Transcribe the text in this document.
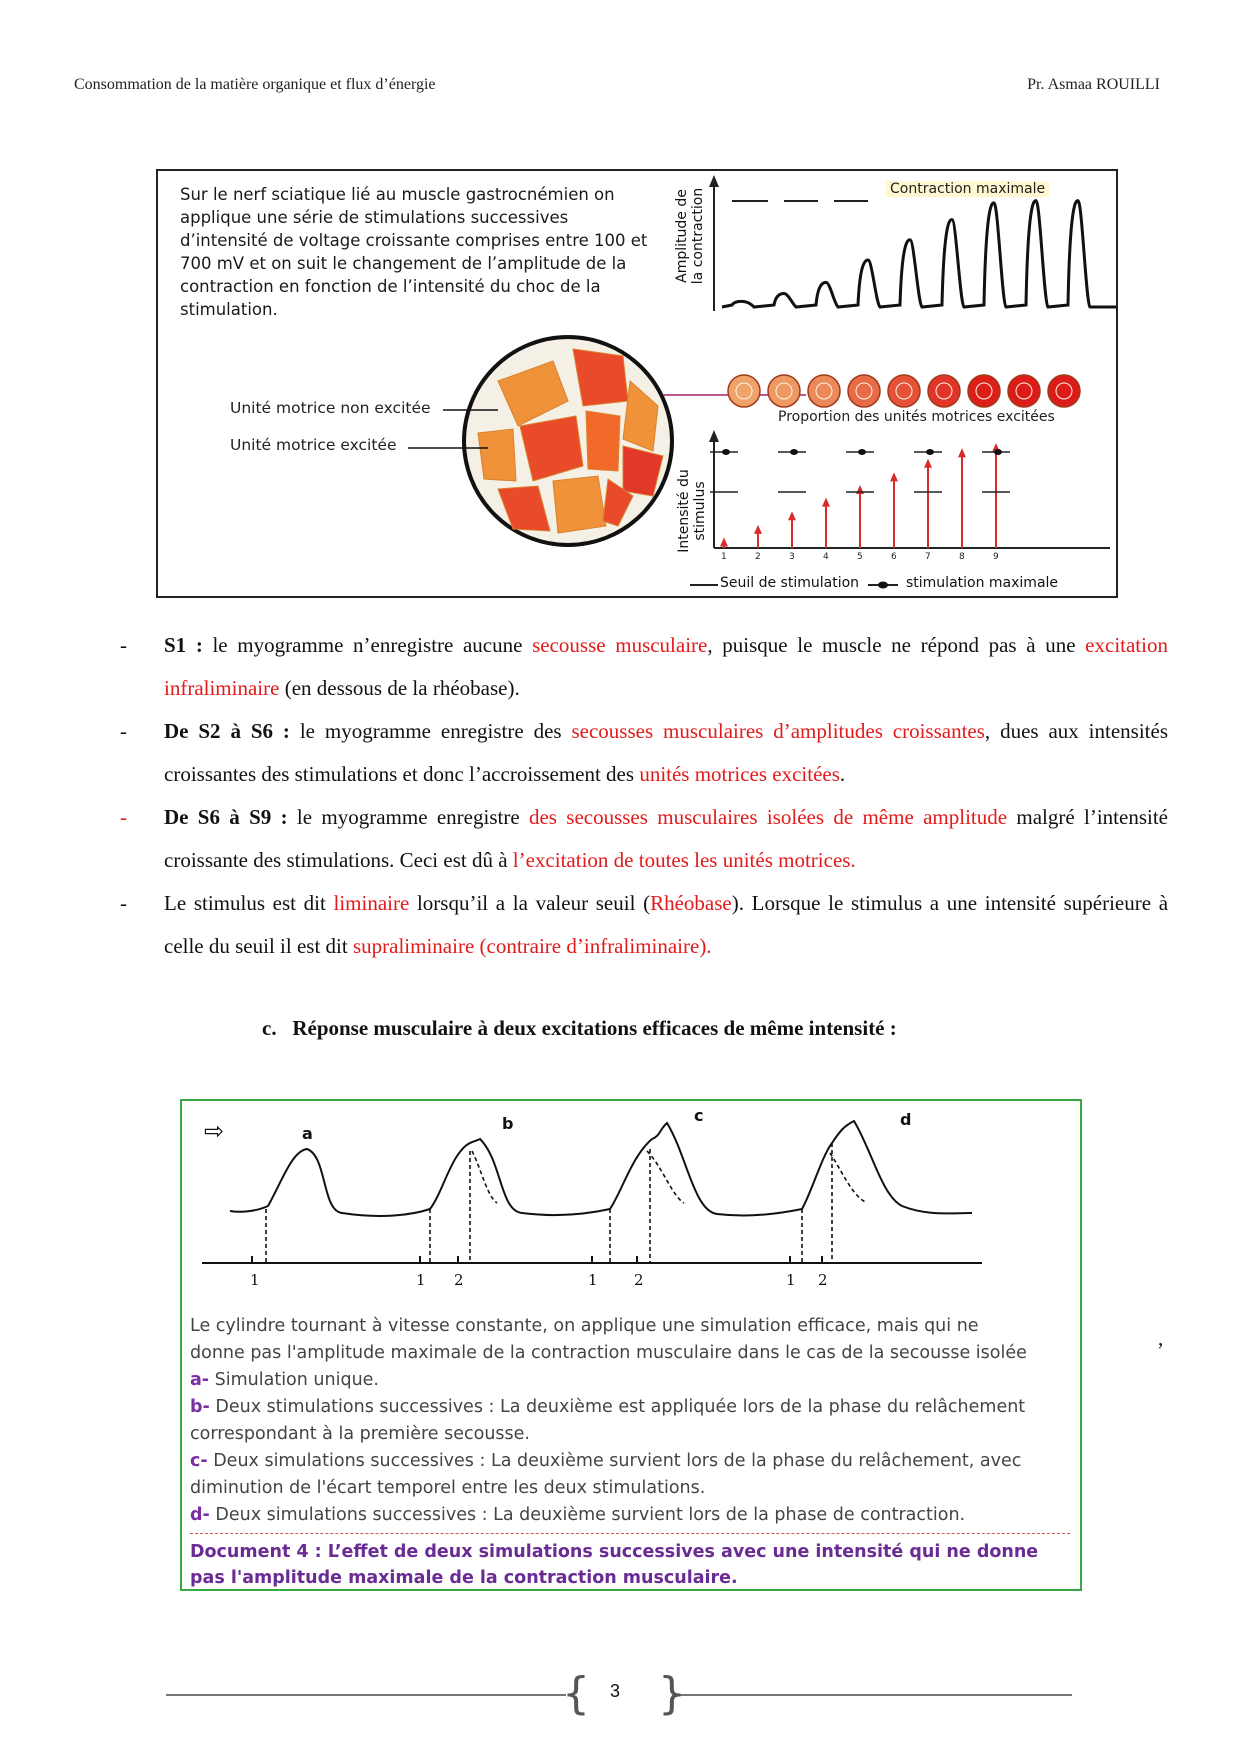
Consommation de la matière organique et flux d’énergie	Pr. Asmaa ROUILLI
Sur le nerf sciatique lié au muscle gastrocnémien on applique une série de stimulations successives d’intensité de voltage croissante comprises entre 100 et 700 mV et on suit le changement de l’amplitude de la contraction en fonction de l’intensité du choc de la stimulation.
Unité motrice non excitée
Unité motrice excitée
Contraction maximale
Amplitude de la contraction
Proportion des unités motrices excitées
1	2	3	4	5	6	7	8	9
Intensité du stimulus
Seuil de stimulation	stimulation maximale
-	S1 : le myogramme n’enregistre aucune secousse musculaire, puisque le muscle ne répond pas à une excitation infraliminaire (en dessous de la rhéobase).
-	De S2 à S6 : le myogramme enregistre des secousses musculaires d’amplitudes croissantes, dues aux intensités croissantes des stimulations et donc l’accroissement des unités motrices excitées.
-	De S6 à S9 : le myogramme enregistre des secousses musculaires isolées de même amplitude malgré l’intensité croissante des stimulations. Ceci est dû à l’excitation de toutes les unités motrices.
-	Le stimulus est dit liminaire lorsqu’il a la valeur seuil (Rhéobase). Lorsque le stimulus a une intensité supérieure à celle du seuil il est dit supraliminaire (contraire d’infraliminaire).
c. Réponse musculaire à deux excitations efficaces de même intensité :
⇨	a
b	c	d
1	1 2	1 2	1 2
Le cylindre tournant à vitesse constante, on applique une simulation efficace, mais qui ne
donne pas l'amplitude maximale de la contraction musculaire dans le cas de la secousse isolée
a- Simulation unique.
b- Deux stimulations successives : La deuxième est appliquée lors de la phase du relâchement
correspondant à la première secousse.
c- Deux simulations successives : La deuxième survient lors de la phase du relâchement, avec
diminution de l'écart temporel entre les deux stimulations.
d- Deux simulations successives : La deuxième survient lors de la phase de contraction.
Document 4 : L’effet de deux simulations successives avec une intensité qui ne donne pas l'amplitude maximale de la contraction musculaire.
,
{ }
3
